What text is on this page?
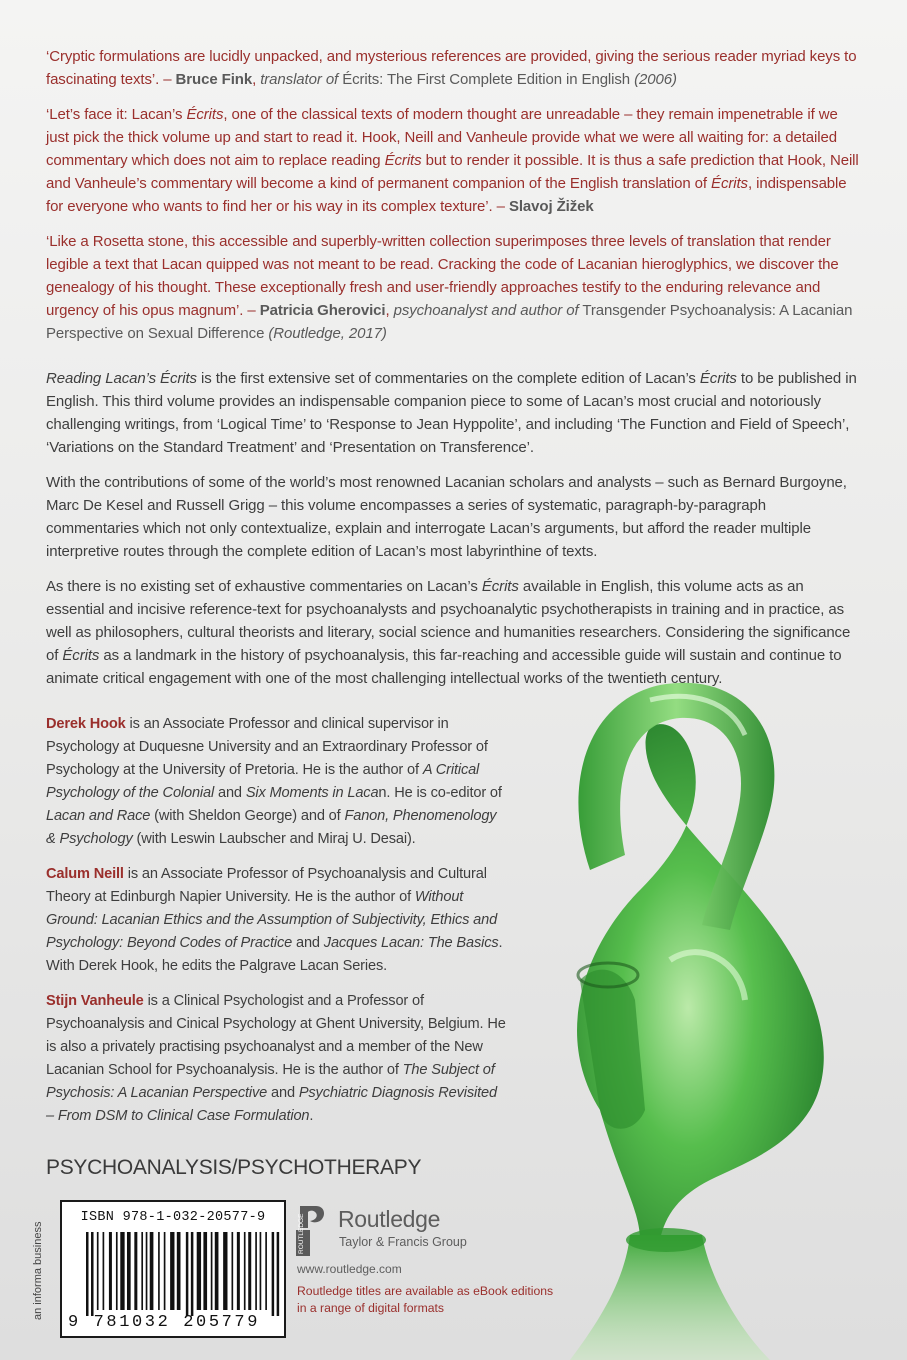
‘Cryptic formulations are lucidly unpacked, and mysterious references are provided, giving the serious reader myriad keys to fascinating texts’. – Bruce Fink, translator of Écrits: The First Complete Edition in English (2006)

‘Let’s face it: Lacan’s Écrits, one of the classical texts of modern thought are unreadable – they remain impenetrable if we just pick the thick volume up and start to read it. Hook, Neill and Vanheule provide what we were all waiting for: a detailed commentary which does not aim to replace reading Écrits but to render it possible. It is thus a safe prediction that Hook, Neill and Vanheule’s commentary will become a kind of permanent companion of the English translation of Écrits, indispensable for everyone who wants to find her or his way in its complex texture’. – Slavoj Žižek

‘Like a Rosetta stone, this accessible and superbly-written collection superimposes three levels of translation that render legible a text that Lacan quipped was not meant to be read. Cracking the code of Lacanian hieroglyphics, we discover the genealogy of his thought. These exceptionally fresh and user-friendly approaches testify to the enduring relevance and urgency of his opus magnum’. – Patricia Gherovici, psychoanalyst and author of Transgender Psychoanalysis: A Lacanian Perspective on Sexual Difference (Routledge, 2017)

Reading Lacan’s Écrits is the first extensive set of commentaries on the complete edition of Lacan’s Écrits to be published in English. This third volume provides an indispensable companion piece to some of Lacan’s most crucial and notoriously challenging writings, from ‘Logical Time’ to ‘Response to Jean Hyppolite’, and including ‘The Function and Field of Speech’, ‘Variations on the Standard Treatment’ and ‘Presentation on Transference’.

With the contributions of some of the world’s most renowned Lacanian scholars and analysts – such as Bernard Burgoyne, Marc De Kesel and Russell Grigg – this volume encompasses a series of systematic, paragraph-by-paragraph commentaries which not only contextualize, explain and interrogate Lacan’s arguments, but afford the reader multiple interpretive routes through the complete edition of Lacan’s most labyrinthine of texts.

As there is no existing set of exhaustive commentaries on Lacan’s Écrits available in English, this volume acts as an essential and incisive reference-text for psychoanalysts and psychoanalytic psychotherapists in training and in practice, as well as philosophers, cultural theorists and literary, social science and humanities researchers. Considering the significance of Écrits as a landmark in the history of psychoanalysis, this far-reaching and accessible guide will sustain and continue to animate critical engagement with one of the most challenging intellectual works of the twentieth century.

Derek Hook is an Associate Professor and clinical supervisor in Psychology at Duquesne University and an Extraordinary Professor of Psychology at the University of Pretoria. He is the author of A Critical Psychology of the Colonial and Six Moments in Lacan. He is co-editor of Lacan and Race (with Sheldon George) and of Fanon, Phenomenology & Psychology (with Leswin Laubscher and Miraj U. Desai).

Calum Neill is an Associate Professor of Psychoanalysis and Cultural Theory at Edinburgh Napier University. He is the author of Without Ground: Lacanian Ethics and the Assumption of Subjectivity, Ethics and Psychology: Beyond Codes of Practice and Jacques Lacan: The Basics. With Derek Hook, he edits the Palgrave Lacan Series.

Stijn Vanheule is a Clinical Psychologist and a Professor of Psychoanalysis and Cinical Psychology at Ghent University, Belgium. He is also a privately practising psychoanalyst and a member of the New Lacanian School for Psychoanalysis. He is the author of The Subject of Psychosis: A Lacanian Perspective and Psychiatric Diagnosis Revisited – From DSM to Clinical Case Formulation.

PSYCHOANALYSIS/PSYCHOTHERAPY
an informa business
ISBN 978-1-032-20577-9
9 781032 205779
ROUTLEDGE Routledge
Taylor & Francis Group
www.routledge.com
Routledge titles are available as eBook editions in a range of digital formats
